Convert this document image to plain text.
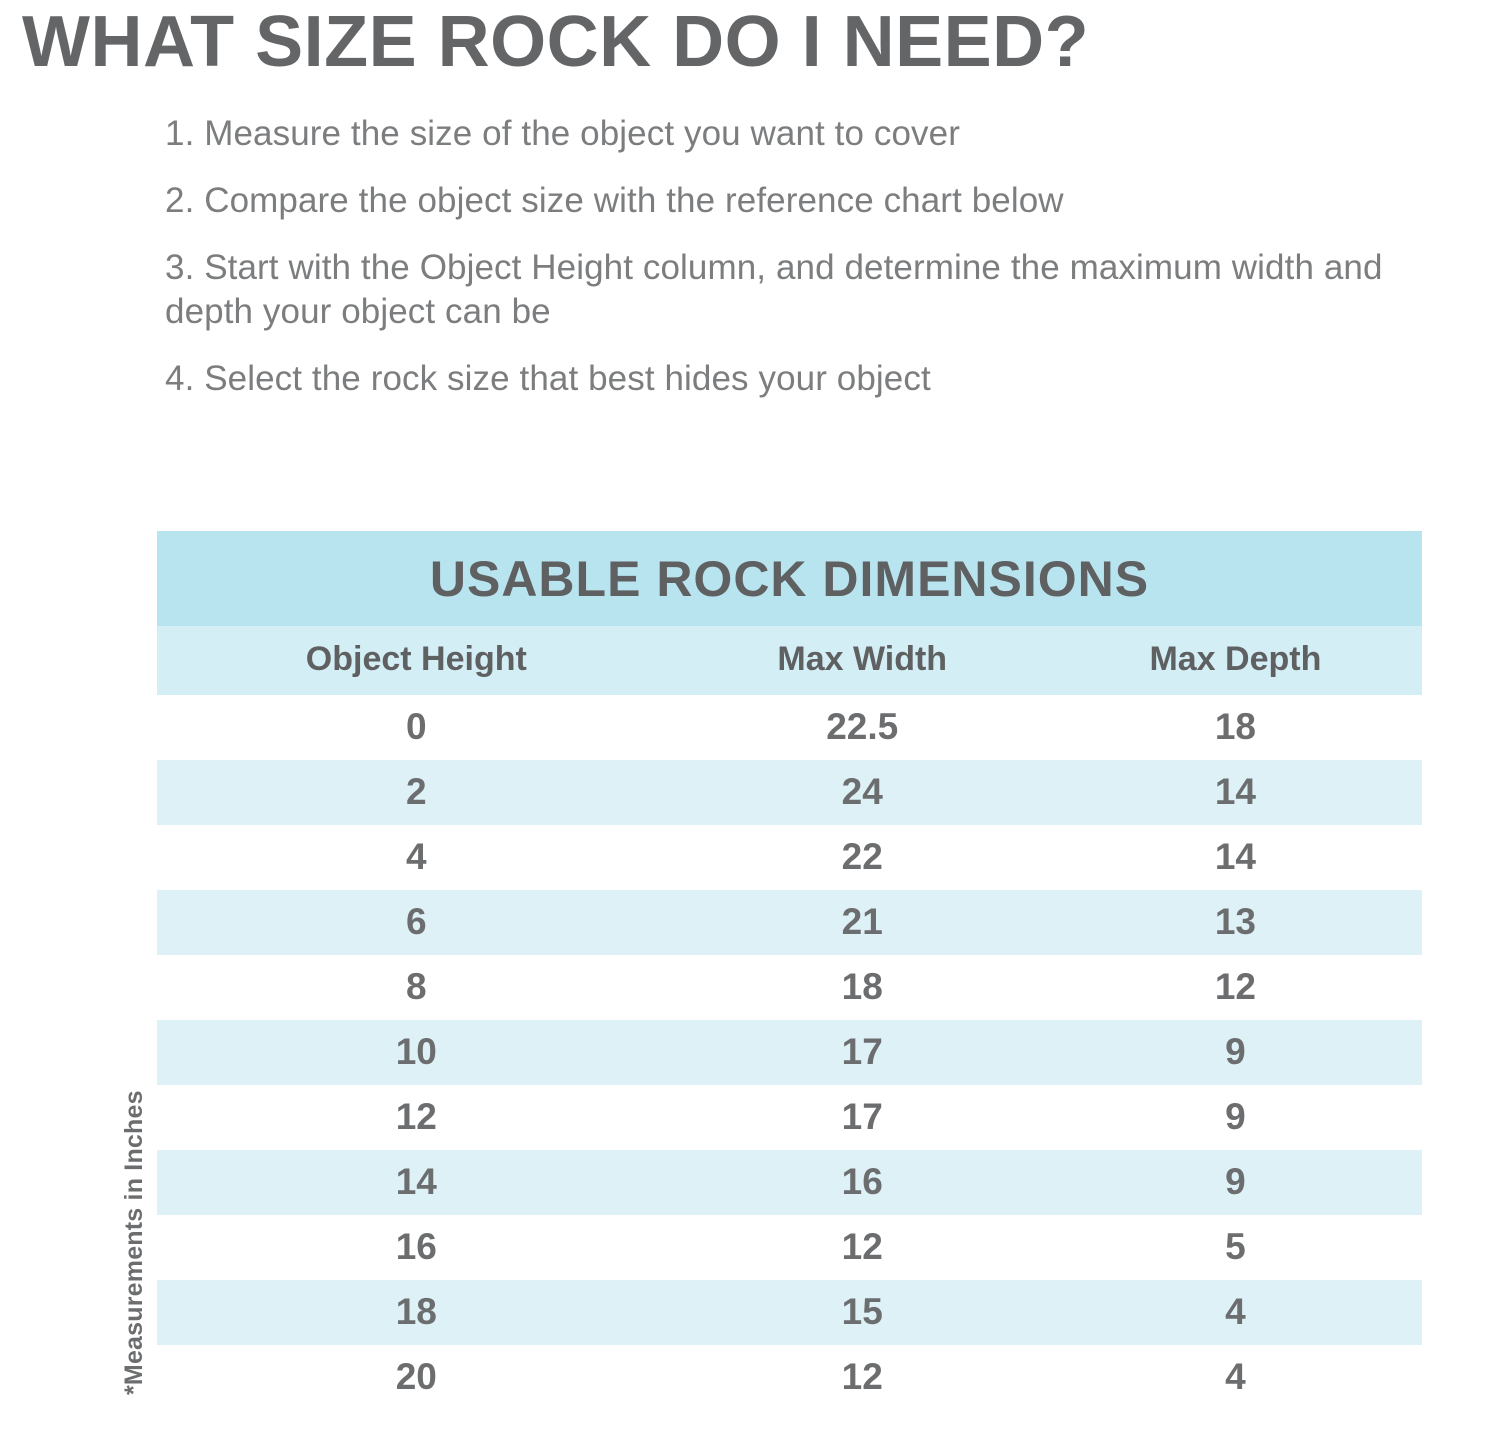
WHAT SIZE ROCK DO I NEED?
1. Measure the size of the object you want to cover
2. Compare the object size with the reference chart below
3. Start with the Object Height column, and determine the maximum width and depth your object can be
4. Select the rock size that best hides your object
*Measurements in Inches
USABLE ROCK DIMENSIONS
Object Height	Max Width	Max Depth
0	22.5	18
2	24	14
4	22	14
6	21	13
8	18	12
10	17	9
12	17	9
14	16	9
16	12	5
18	15	4
20	12	4
